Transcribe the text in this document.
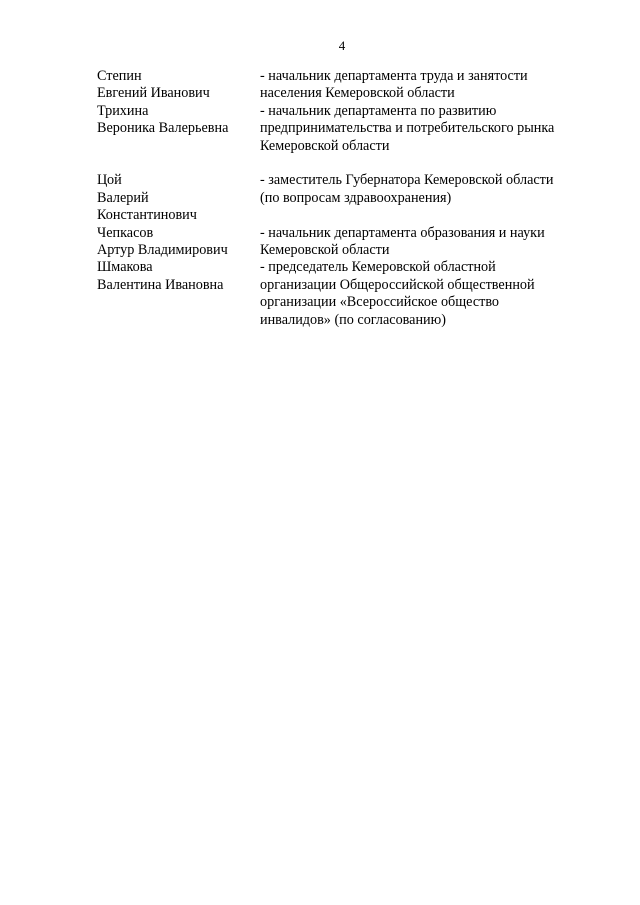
4
Степин
Евгений Иванович
- начальник департамента труда и занятости
населения Кемеровской области
Трихина
Вероника Валерьевна
- начальник департамента по развитию
предпринимательства и потребительского рынка
Кемеровской области
Цой
Валерий
Константинович
- заместитель Губернатора Кемеровской области
(по вопросам здравоохранения)
Чепкасов
Артур Владимирович
- начальник департамента образования и науки
Кемеровской области
Шмакова
Валентина Ивановна
- председатель Кемеровской областной
организации Общероссийской общественной
организации «Всероссийское общество
инвалидов» (по согласованию)
